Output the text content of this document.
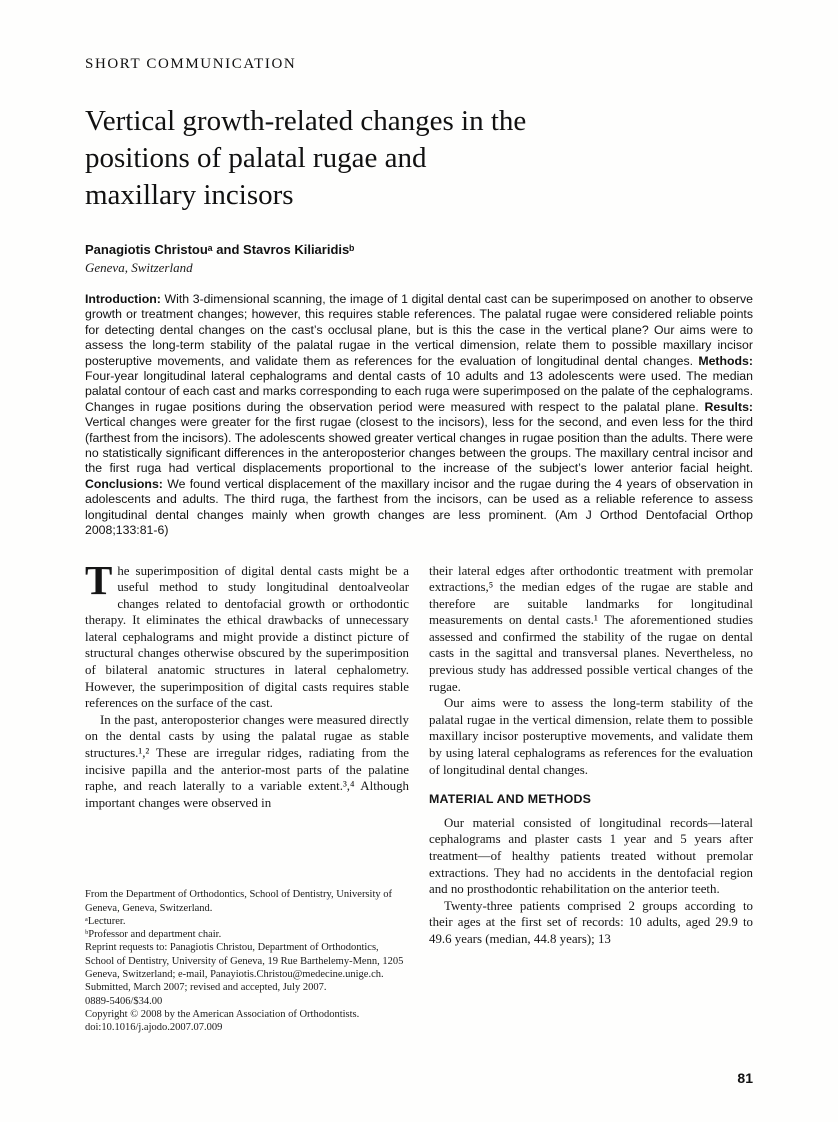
SHORT COMMUNICATION
Vertical growth-related changes in the
positions of palatal rugae and
maxillary incisors
Panagiotis Christouᵃ and Stavros Kiliaridisᵇ
Geneva, Switzerland
Introduction: With 3-dimensional scanning, the image of 1 digital dental cast can be superimposed on another to observe growth or treatment changes; however, this requires stable references. The palatal rugae were considered reliable points for detecting dental changes on the cast’s occlusal plane, but is this the case in the vertical plane? Our aims were to assess the long-term stability of the palatal rugae in the vertical dimension, relate them to possible maxillary incisor posteruptive movements, and validate them as references for the evaluation of longitudinal dental changes. Methods: Four-year longitudinal lateral cephalograms and dental casts of 10 adults and 13 adolescents were used. The median palatal contour of each cast and marks corresponding to each ruga were superimposed on the palate of the cephalograms. Changes in rugae positions during the observation period were measured with respect to the palatal plane. Results: Vertical changes were greater for the first rugae (closest to the incisors), less for the second, and even less for the third (farthest from the incisors). The adolescents showed greater vertical changes in rugae position than the adults. There were no statistically significant differences in the anteroposterior changes between the groups. The maxillary central incisor and the first ruga had vertical displacements proportional to the increase of the subject’s lower anterior facial height. Conclusions: We found vertical displacement of the maxillary incisor and the rugae during the 4 years of observation in adolescents and adults. The third ruga, the farthest from the incisors, can be used as a reliable reference to assess longitudinal dental changes mainly when growth changes are less prominent. (Am J Orthod Dentofacial Orthop 2008;133:81-6)

The superimposition of digital dental casts might be a useful method to study longitudinal dentoalveolar changes related to dentofacial growth or orthodontic therapy. It eliminates the ethical drawbacks of unnecessary lateral cephalograms and might provide a distinct picture of structural changes otherwise obscured by the superimposition of bilateral anatomic structures in lateral cephalometry. However, the superimposition of digital casts requires stable references on the surface of the cast.

In the past, anteroposterior changes were measured directly on the dental casts by using the palatal rugae as stable structures.¹,² These are irregular ridges, radiating from the incisive papilla and the anterior-most parts of the palatine raphe, and reach laterally to a variable extent.³,⁴ Although important changes were observed in

From the Department of Orthodontics, School of Dentistry, University of Geneva, Geneva, Switzerland.
ᵃLecturer.
ᵇProfessor and department chair.
Reprint requests to: Panagiotis Christou, Department of Orthodontics, School of Dentistry, University of Geneva, 19 Rue Barthelemy-Menn, 1205 Geneva, Switzerland; e-mail, Panayiotis.Christou@medecine.unige.ch.
Submitted, March 2007; revised and accepted, July 2007.
0889-5406/$34.00
Copyright © 2008 by the American Association of Orthodontists.
doi:10.1016/j.ajodo.2007.07.009

their lateral edges after orthodontic treatment with premolar extractions,⁵ the median edges of the rugae are stable and therefore are suitable landmarks for longitudinal measurements on dental casts.¹ The aforementioned studies assessed and confirmed the stability of the rugae on dental casts in the sagittal and transversal planes. Nevertheless, no previous study has addressed possible vertical changes of the rugae.

Our aims were to assess the long-term stability of the palatal rugae in the vertical dimension, relate them to possible maxillary incisor posteruptive movements, and validate them by using lateral cephalograms as references for the evaluation of longitudinal dental changes.

MATERIAL AND METHODS

Our material consisted of longitudinal records—lateral cephalograms and plaster casts 1 year and 5 years after treatment—of healthy patients treated without premolar extractions. They had no accidents in the dentofacial region and no prosthodontic rehabilitation on the anterior teeth.

Twenty-three patients comprised 2 groups according to their ages at the first set of records: 10 adults, aged 29.9 to 49.6 years (median, 44.8 years); 13

81
